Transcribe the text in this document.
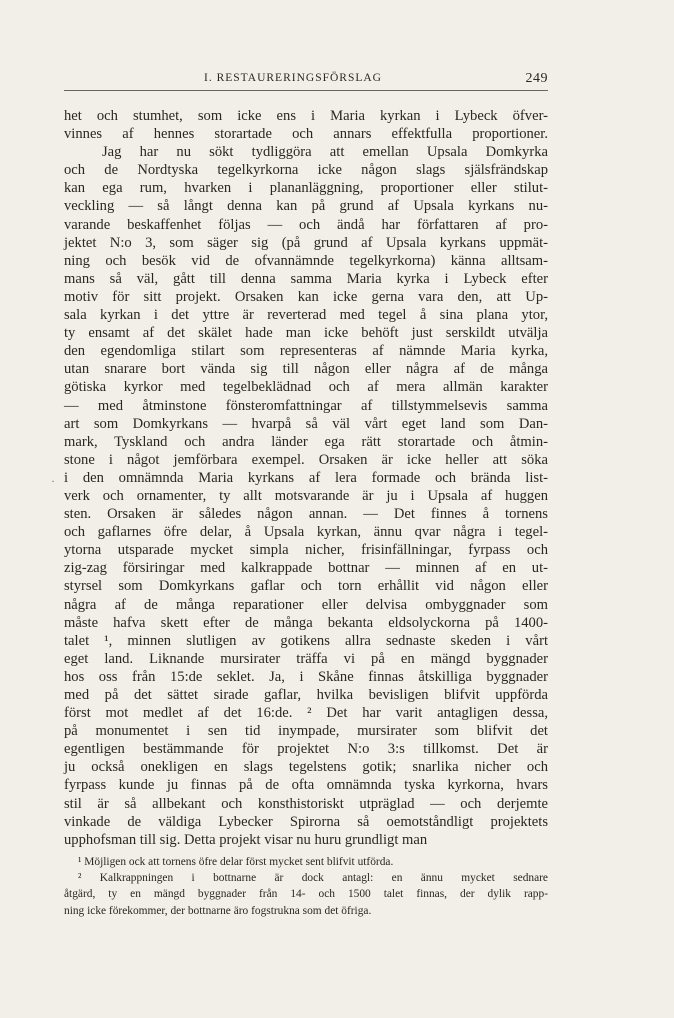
I. RESTAURERINGSFÖRSLAG	249
·
het och stumhet, som icke ens i Maria kyrkan i Lybeck öfver-
vinnes af hennes storartade och annars effektfulla proportioner.
Jag har nu sökt tydliggöra att emellan Upsala Domkyrka
och de Nordtyska tegelkyrkorna icke någon slags själsfrändskap
kan ega rum, hvarken i plananläggning, proportioner eller stilut-
veckling — så långt denna kan på grund af Upsala kyrkans nu-
varande beskaffenhet följas — och ändå har författaren af pro-
jektet N:o 3, som säger sig (på grund af Upsala kyrkans uppmät-
ning och besök vid de ofvannämnde tegelkyrkorna) känna alltsam-
mans så väl, gått till denna samma Maria kyrka i Lybeck efter
motiv för sitt projekt. Orsaken kan icke gerna vara den, att Up-
sala kyrkan i det yttre är reverterad med tegel å sina plana ytor,
ty ensamt af det skälet hade man icke behöft just serskildt utvälja
den egendomliga stilart som representeras af nämnde Maria kyrka,
utan snarare bort vända sig till någon eller några af de många
götiska kyrkor med tegelbeklädnad och af mera allmän karakter
— med åtminstone fönsteromfattningar af tillstymmelsevis samma
art som Domkyrkans — hvarpå så väl vårt eget land som Dan-
mark, Tyskland och andra länder ega rätt storartade och åtmin-
stone i något jemförbara exempel. Orsaken är icke heller att söka
i den omnämnda Maria kyrkans af lera formade och brända list-
verk och ornamenter, ty allt motsvarande är ju i Upsala af huggen
sten. Orsaken är således någon annan. — Det finnes å tornens
och gaflarnes öfre delar, å Upsala kyrkan, ännu qvar några i tegel-
ytorna utsparade mycket simpla nicher, frisinfällningar, fyrpass och
zig-zag försiringar med kalkrappade bottnar — minnen af en ut-
styrsel som Domkyrkans gaflar och torn erhållit vid någon eller
några af de många reparationer eller delvisa ombyggnader som
måste hafva skett efter de många bekanta eldsolyckorna på 1400-
talet ¹, minnen slutligen av gotikens allra sednaste skeden i vårt
eget land. Liknande mursirater träffa vi på en mängd byggnader
hos oss från 15:de seklet. Ja, i Skåne finnas åtskilliga byggnader
med på det sättet sirade gaflar, hvilka bevisligen blifvit uppförda
först mot medlet af det 16:de. ² Det har varit antagligen dessa,
på monumentet i sen tid inympade, mursirater som blifvit det
egentligen bestämmande för projektet N:o 3:s tillkomst. Det är
ju också onekligen en slags tegelstens gotik; snarlika nicher och
fyrpass kunde ju finnas på de ofta omnämnda tyska kyrkorna, hvars
stil är så allbekant och konsthistoriskt utpräglad — och derjemte
vinkade de väldiga Lybecker Spirorna så oemotståndligt projektets
upphofsman till sig. Detta projekt visar nu huru grundligt man
¹ Möjligen ock att tornens öfre delar först mycket sent blifvit utförda.
² Kalkrappningen i bottnarne är dock antagl: en ännu mycket sednare
åtgärd, ty en mängd byggnader från 14- och 1500 talet finnas, der dylik rapp-
ning icke förekommer, der bottnarne äro fogstrukna som det öfriga.
